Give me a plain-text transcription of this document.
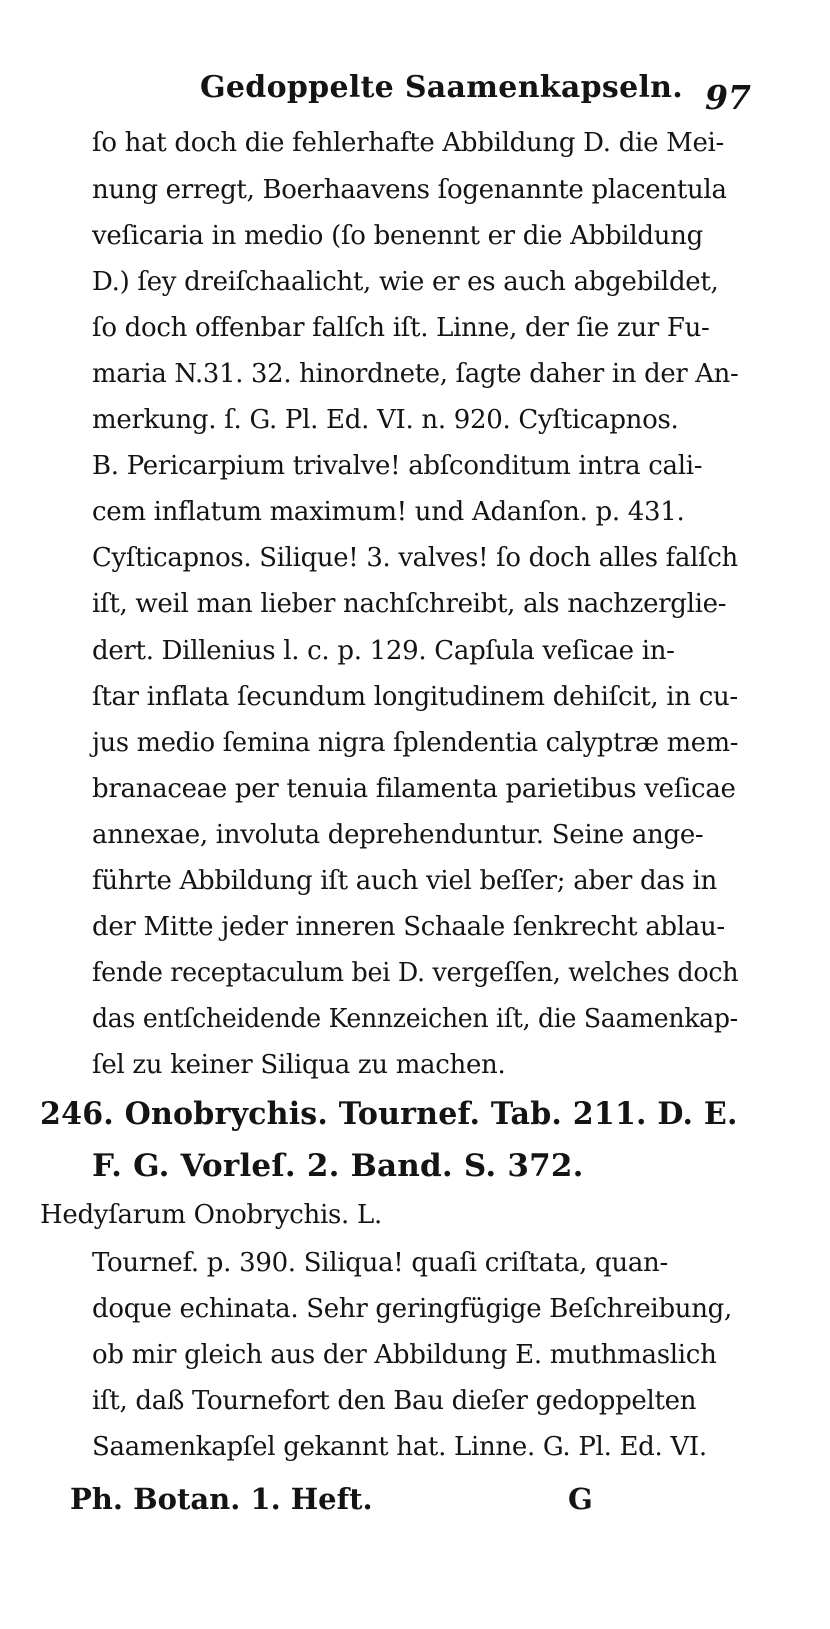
Gedoppelte Saamenkapseln. 97
ſo hat doch die fehlerhafte Abbildung D. die Mei-
nung erregt, Boerhaavens ſogenannte placentula
veſicaria in medio (ſo benennt er die Abbildung
D.) ſey dreiſchaalicht, wie er es auch abgebildet,
ſo doch offenbar falſch iſt. Linne, der ſie zur Fu-
maria N.31. 32. hinordnete, ſagte daher in der An-
merkung. ſ. G. Pl. Ed. VI. n. 920. Cyſticapnos.
B. Pericarpium trivalve! abſconditum intra cali-
cem inflatum maximum! und Adanſon. p. 431.
Cyſticapnos. Silique! 3. valves! ſo doch alles falſch
iſt, weil man lieber nachſchreibt, als nachzerglie-
dert. Dillenius l. c. p. 129. Capſula veſicae in-
ſtar inflata ſecundum longitudinem dehiſcit, in cu-
jus medio ſemina nigra ſplendentia calyptræ mem-
branaceae per tenuia filamenta parietibus veſicae
annexae, involuta deprehenduntur. Seine ange-
führte Abbildung iſt auch viel beſſer; aber das in
der Mitte jeder inneren Schaale ſenkrecht ablau-
fende receptaculum bei D. vergeſſen, welches doch
das entſcheidende Kennzeichen iſt, die Saamenkap-
ſel zu keiner Siliqua zu machen.
246. Onobrychis. Tournef. Tab. 211. D. E.
F. G. Vorleſ. 2. Band. S. 372.
Hedyſarum Onobrychis. L.
Tournef. p. 390. Siliqua! quaſi criſtata, quan-
doque echinata. Sehr geringfügige Beſchreibung,
ob mir gleich aus der Abbildung E. muthmaslich
iſt, daß Tournefort den Bau dieſer gedoppelten
Saamenkapſel gekannt hat. Linne. G. Pl. Ed. VI.
Ph. Botan. 1. Heft.	G
